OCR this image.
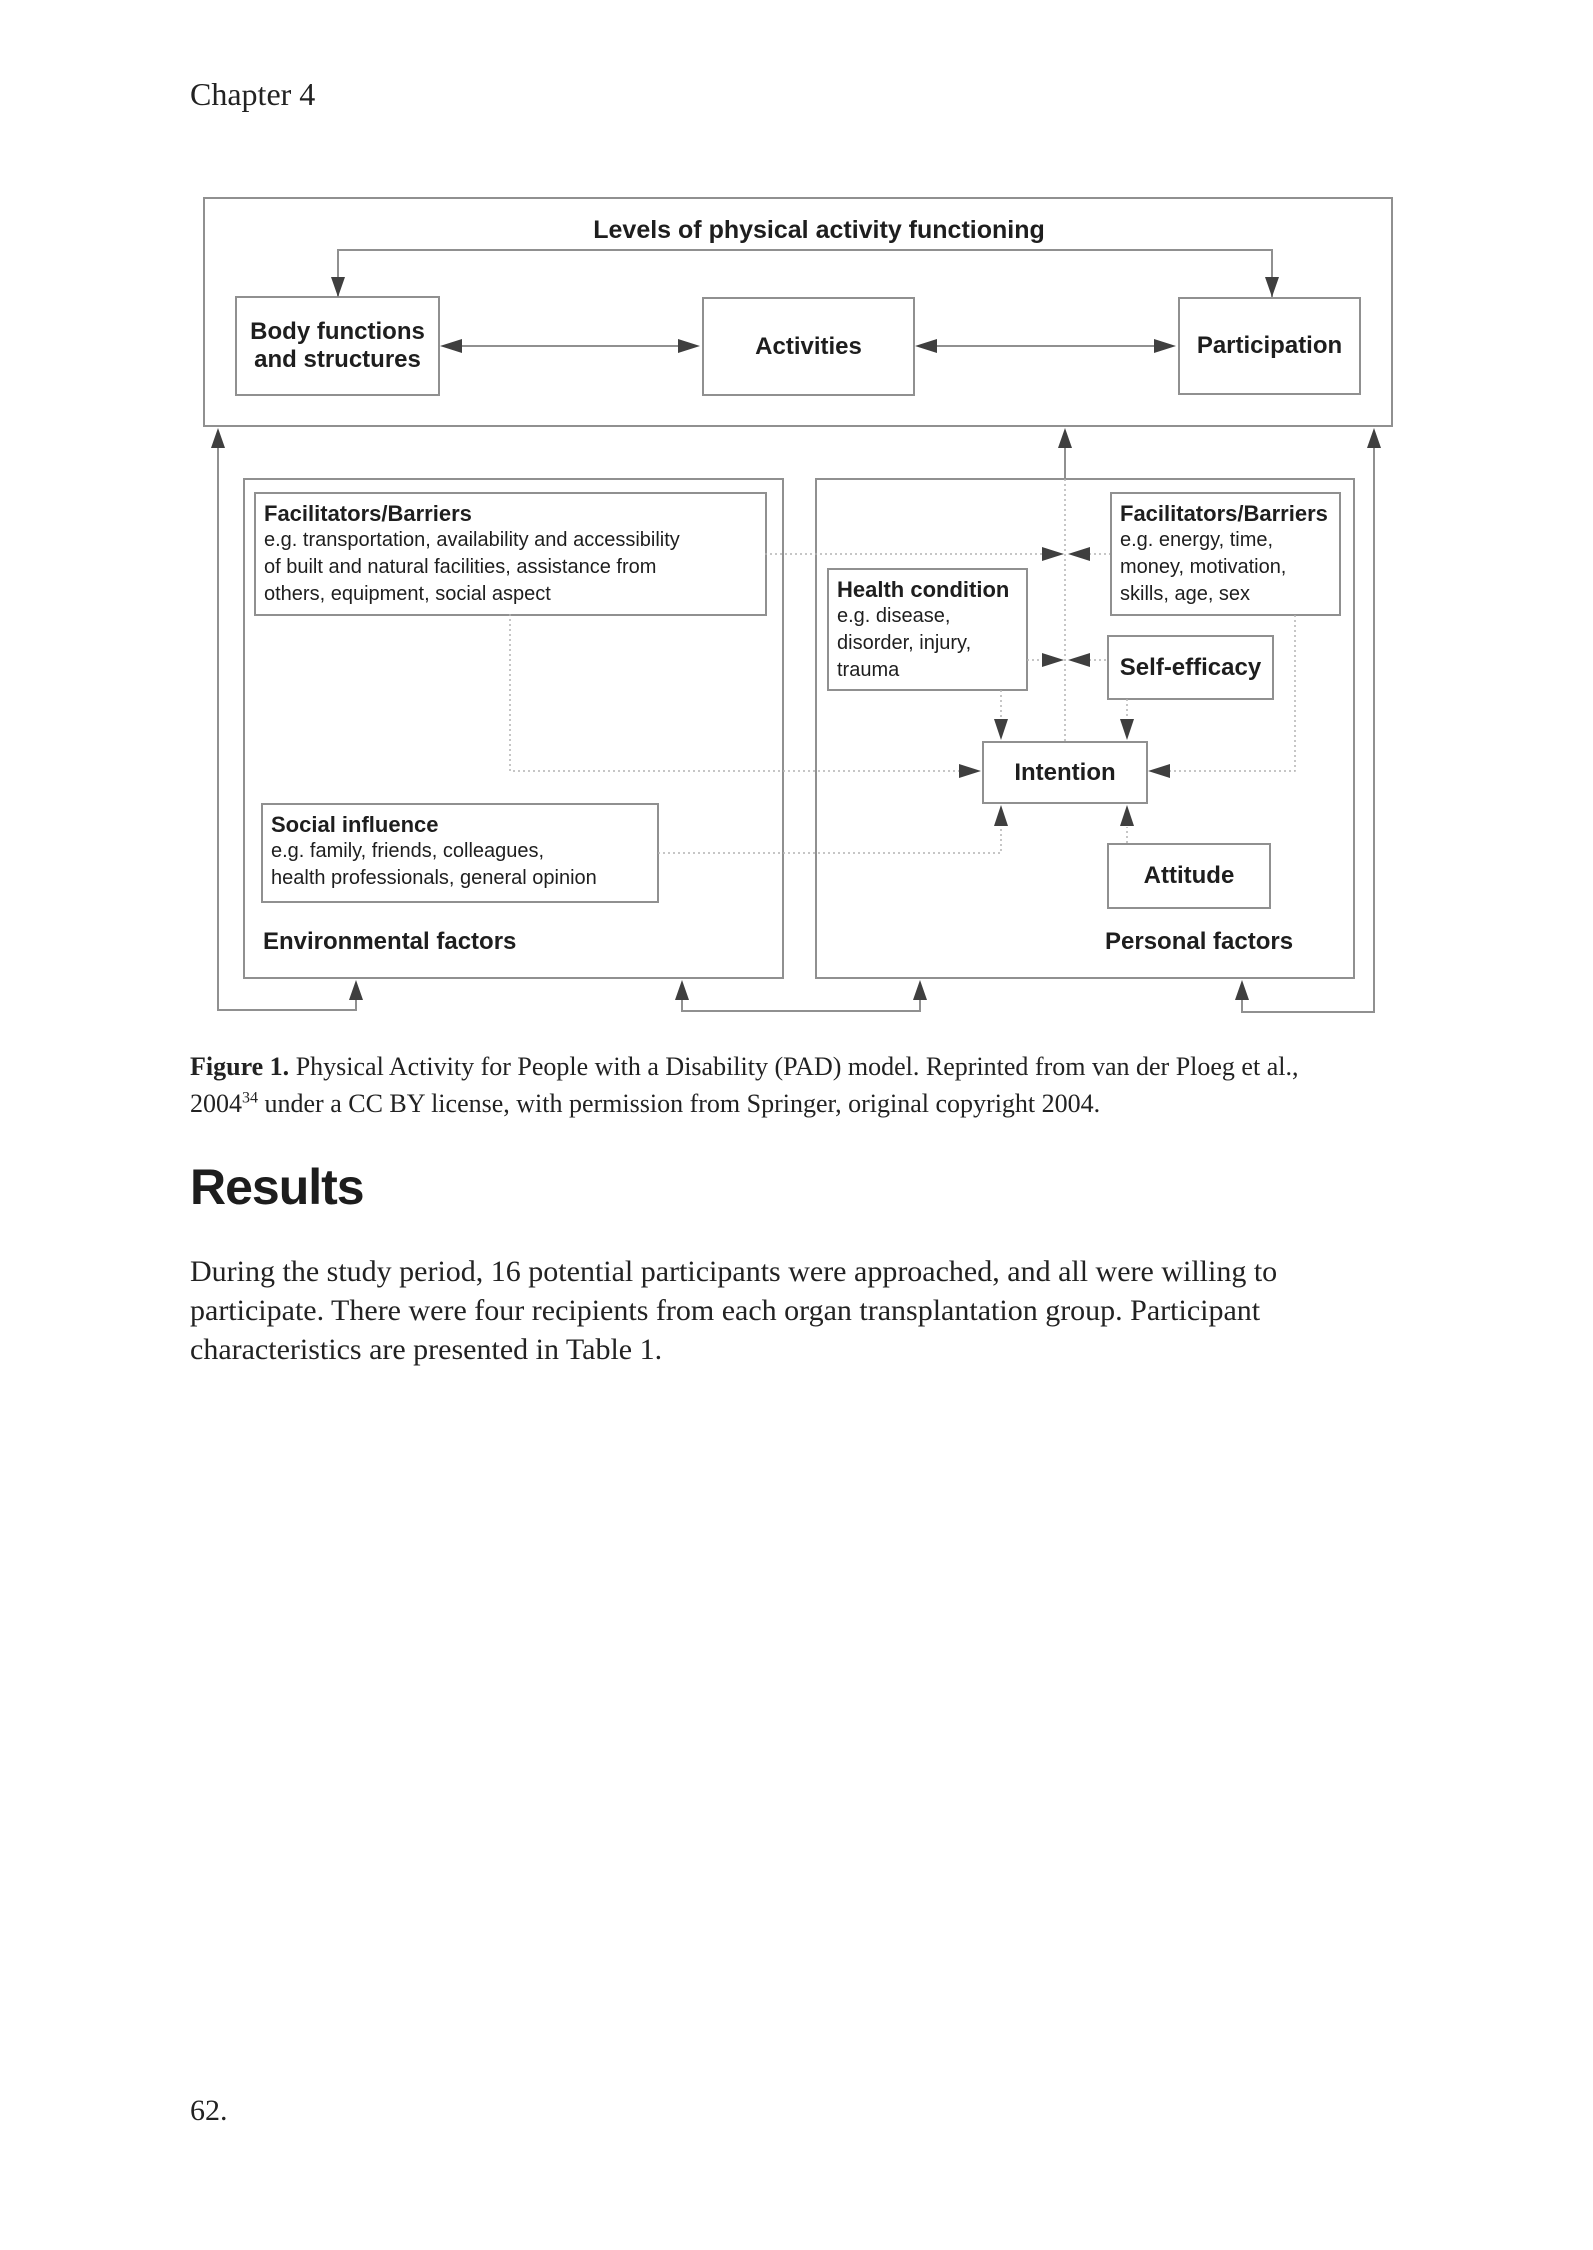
Chapter 4
Levels of physical activity functioning
Body functions
and structures	Activities	Participation
Facilitators/Barriers
e.g. transportation, availability and accessibility
of built and natural facilities, assistance from
others, equipment, social aspect
Facilitators/Barriers
e.g. energy, time,
money, motivation,
skills, age, sex
Health condition
e.g. disease,
disorder, injury,
trauma	Self-efficacy
Intention
Attitude
Social influence
e.g. family, friends, colleagues,
health professionals, general opinion
Environmental factors	Personal factors
Figure 1. Physical Activity for People with a Disability (PAD) model. Reprinted from van der Ploeg et al.,
2004$^{34}$ under a CC BY license, with permission from Springer, original copyright 2004.
Results
During the study period, 16 potential participants were approached, and all were willing to
participate. There were four recipients from each organ transplantation group. Participant
characteristics are presented in Table 1.
62.
